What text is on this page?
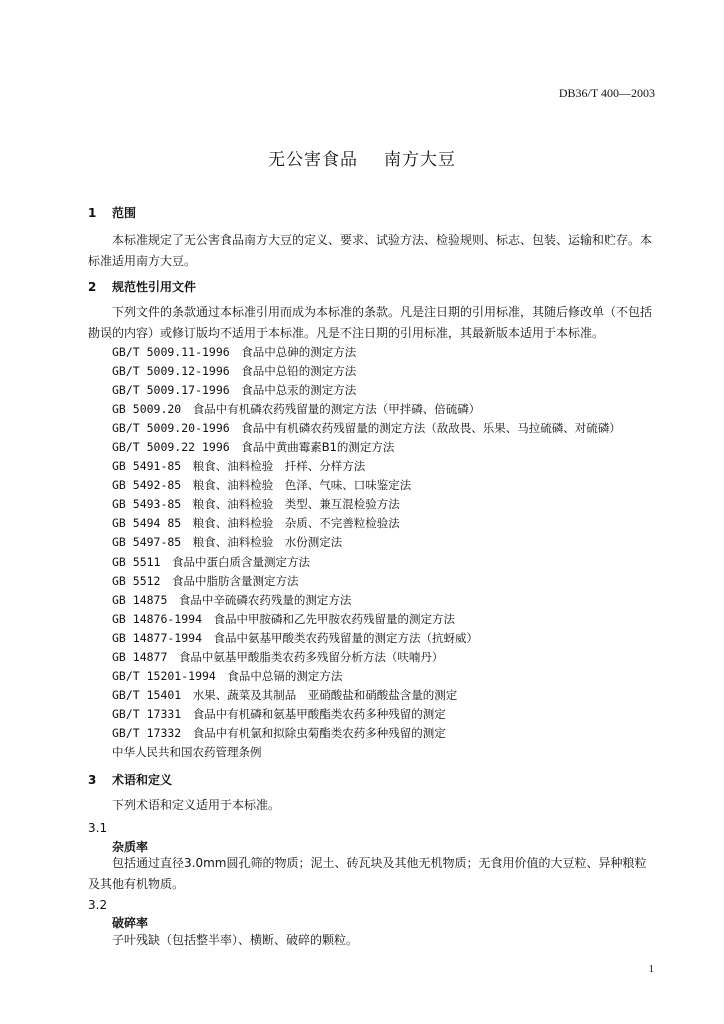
DB36/T 400—2003
无公害食品 南方大豆
1 范围

本标准规定了无公害食品南方大豆的定义、要求、试验方法、检验规则、标志、包装、运输和贮存。本标准适用南方大豆。

2 规范性引用文件

下列文件的条款通过本标准引用而成为本标准的条款。凡是注日期的引用标准，其随后修改单（不包括勘误的内容）或修订版均不适用于本标准。凡是不注日期的引用标准，其最新版本适用于本标准。

GB/T 5009.11-1996　 食品中总砷的测定方法
GB/T 5009.12-1996　 食品中总铅的测定方法
GB/T 5009.17-1996　 食品中总汞的测定方法
GB 5009.20　 食品中有机磷农药残留量的测定方法（甲拌磷、倍硫磷）
GB/T 5009.20-1996　 食品中有机磷农药残留量的测定方法（敌敌畏、乐果、马拉硫磷、对硫磷）
GB/T 5009.22 1996　 食品中黄曲霉素B1的测定方法
GB 5491-85　 粮食、油料检验　扦样、分样方法
GB 5492-85　 粮食、油料检验　色泽、气味、口味鉴定法
GB 5493-85　 粮食、油料检验　类型、兼互混检验方法
GB 5494 85　 粮食、油料检验　杂质、不完善粒检验法
GB 5497-85　 粮食、油料检验　水份测定法
GB 5511　 食品中蛋白质含量测定方法
GB 5512　 食品中脂肪含量测定方法
GB 14875　 食品中辛硫磷农药残量的测定方法
GB 14876-1994　 食品中甲胺磷和乙先甲胺农药残留量的测定方法
GB 14877-1994　 食品中氨基甲酸类农药残留量的测定方法（抗蚜威）
GB 14877　 食品中氨基甲酸脂类农药多残留分析方法（呋喃丹）
GB/T 15201-1994　 食品中总镉的测定方法
GB/T 15401　 水果、蔬菜及其制品　亚硝酸盐和硝酸盐含量的测定
GB/T 17331　 食品中有机磷和氨基甲酸酯类农药多种残留的测定
GB/T 17332　 食品中有机氯和拟除虫菊酯类农药多种残留的测定
中华人民共和国农药管理条例
3 术语和定义

下列术语和定义适用于本标准。

3.1
杂质率

包括通过直径3.0mm圆孔筛的物质；泥土、砖瓦块及其他无机物质；无食用价值的大豆粒、异种粮粒及其他有机物质。

3.2
破碎率

子叶残缺（包括整半率）、横断、破碎的颗粒。

1
